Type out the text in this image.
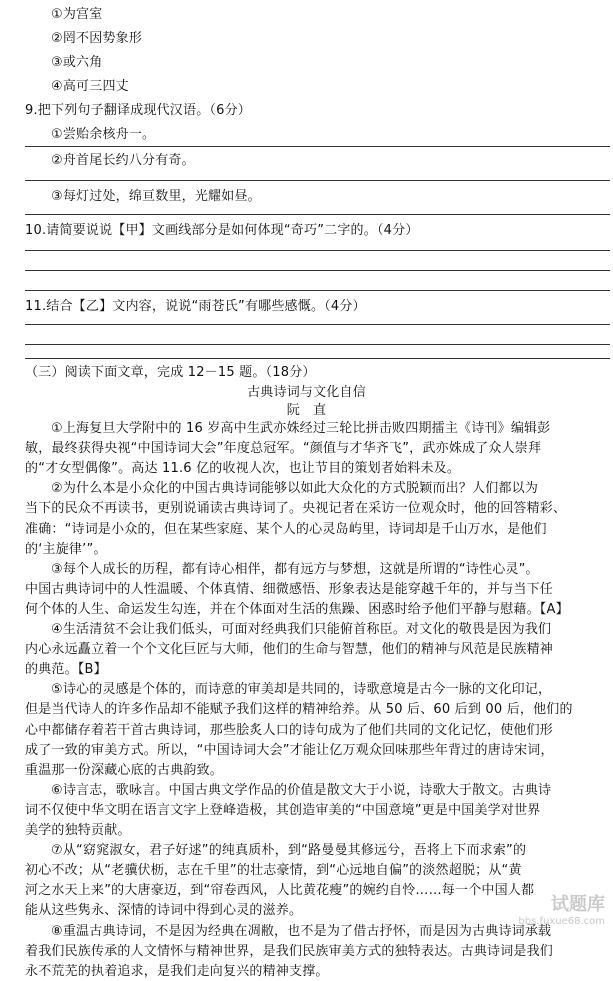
①为宫室
②罔不因势象形
③或六角
④高可三四丈
9.把下列句子翻译成现代汉语。（6分）
①尝贻余核舟一。
②舟首尾长约八分有奇。
③每灯过处，绵亘数里，光耀如昼。
10.请简要说说【甲】文画线部分是如何体现“奇巧”二字的。（4分）
11.结合【乙】文内容，说说“雨苍氏”有哪些感慨。（4分）
（三）阅读下面文章，完成 12－15 题。（18分）
古典诗词与文化自信
阮　直
①上海复旦大学附中的 16 岁高中生武亦姝经过三轮比拼击败四期擂主《诗刊》编辑彭
敏，最终获得央视“中国诗词大会”年度总冠军。“颜值与才华齐飞”，武亦姝成了众人崇拜
的“才女型偶像”。高达 11.6 亿的收视人次，也让节目的策划者始料未及。
②为什么本是小众化的中国古典诗词能够以如此大众化的方式脱颖而出？人们都以为
当下的民众不再读书，更别说诵读古典诗词了。央视记者在采访一位观众时，他的回答精彩、
准确：“诗词是小众的，但在某些家庭、某个人的心灵岛屿里，诗词却是千山万水，是他们
的‘主旋律’”。
③每个人成长的历程，都有诗心相伴，都有远方与梦想，这就是所谓的“诗性心灵”。
中国古典诗词中的人性温暖、个体真情、细微感悟、形象表达是能穿越千年的，并与当下任
何个体的人生、命运发生勾连，并在个体面对生活的焦躁、困惑时给予他们平静与慰藉。【A】
④生活清贫不会让我们低头，可面对经典我们只能俯首称臣。对文化的敬畏是因为我们
内心永远矗立着一个个文化巨匠与大师，他们的生命与智慧，他们的精神与风范是民族精神
的典范。【B】
⑤诗心的灵感是个体的，而诗意的审美却是共同的，诗歌意境是古今一脉的文化印记，
但是当代诗人的许多作品却不能赋予我们这样的精神给养。从 50 后、60 后到 00 后，他们的
心中都储存着若干首古典诗词，那些脍炙人口的诗句成为了他们共同的文化记忆，使他们形
成了一致的审美方式。所以，“中国诗词大会”才能让亿万观众回味那些年背过的唐诗宋词，
重温那一份深藏心底的古典韵致。
⑥诗言志，歌咏言。中国古典文学作品的价值是散文大于小说，诗歌大于散文。古典诗
词不仅使中华文明在语言文字上登峰造极，其创造审美的“中国意境”更是中国美学对世界
美学的独特贡献。
⑦从“窈窕淑女，君子好逑”的纯真质朴，到“路曼曼其修远兮，吾将上下而求索”的
初心不改；从“老骥伏枥，志在千里”的壮志豪情，到“心远地自偏”的淡然超脱；从“黄
河之水天上来”的大唐豪迈，到“帘卷西风，人比黄花瘦”的婉约自怜……每一个中国人都
能从这些隽永、深情的诗词中得到心灵的滋养。
⑧重温古典诗词，不是因为经典在凋敝，也不是为了借古抒怀，而是因为古典诗词承载
着我们民族传承的人文情怀与精神世界，是我们民族审美方式的独特表达。古典诗词是我们
永不荒芜的执着追求，是我们走向复兴的精神支撑。
试题库
bbs.fuxue68.com
